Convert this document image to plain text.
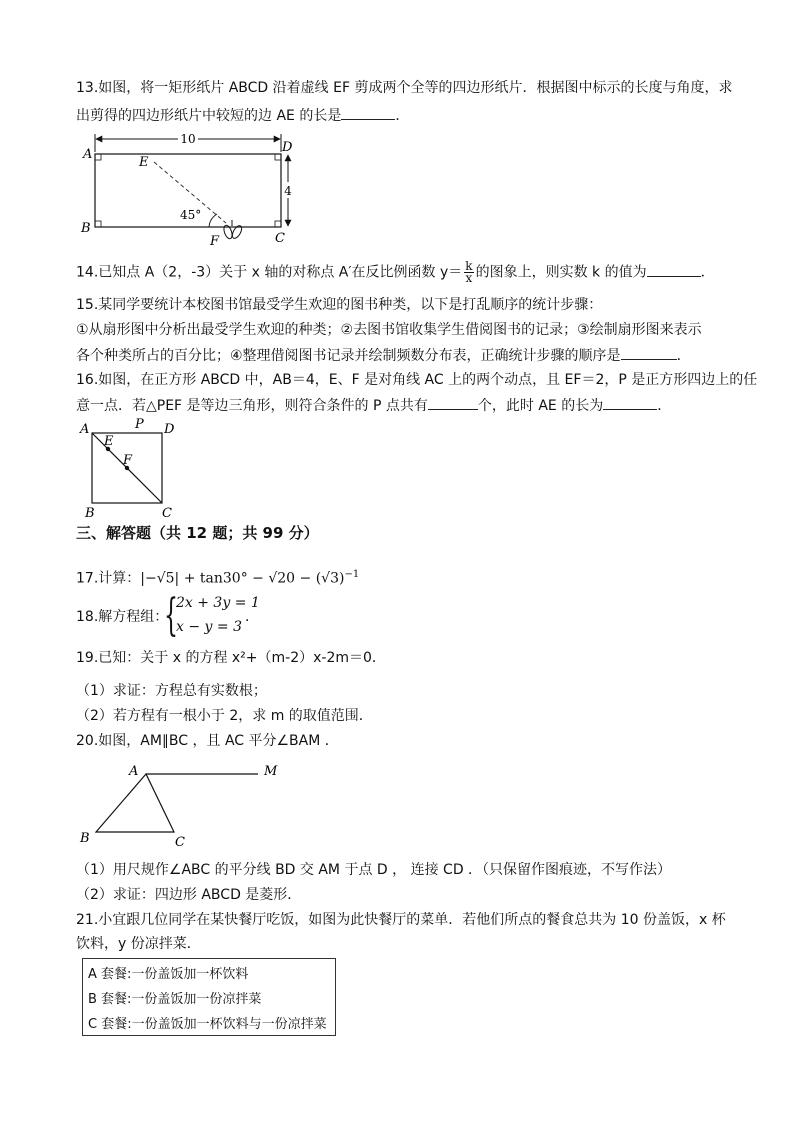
13.如图，将一矩形纸片 ABCD 沿着虚线 EF 剪成两个全等的四边形纸片．根据图中标示的长度与角度，求
出剪得的四边形纸片中较短的边 AE 的长是	．
10
4
45°
A	D
B
C
E
F
14.已知点 A（2，-3）关于 x 轴的对称点 A′在反比例函数 $y= \frac{k}{x}$ 的图象上，则实数 k 的值为	．
15.某同学要统计本校图书馆最受学生欢迎的图书种类，以下是打乱顺序的统计步骤：
①从扇形图中分析出最受学生欢迎的种类；②去图书馆收集学生借阅图书的记录；③绘制扇形图来表示
各个种类所占的百分比；④整理借阅图书记录并绘制频数分布表，正确统计步骤的顺序是	．
16.如图，在正方形 ABCD 中，AB＝4，E、F 是对角线 AC 上的两个动点，且 EF＝2，P 是正方形四边上的任
意一点．若△PEF 是等边三角形，则符合条件的 P 点共有	个，此时 AE 的长为	．
A	P D
E
F
B	C
三、解答题（共 12 题；共 99 分）
17.计算：$|-√5| + \tan 30^\circ - √20 - (√3)^{-1}$
18.解方程组：
{
2x + 3y = 1
x − y = 3
．
19.已知：关于 x 的方程 x²+（m-2）x-2m＝0．
（1）求证：方程总有实数根；
（2）若方程有一根小于 2，求 m 的取值范围．
20.如图，AM∥BC ，且 AC 平分∠BAM ．
A	M
B	C
（1）用尺规作∠ABC 的平分线 BD 交 AM 于点 D ， 连接 CD ．（只保留作图痕迹，不写作法）
（2）求证：四边形 ABCD 是菱形．
21.小宜跟几位同学在某快餐厅吃饭，如图为此快餐厅的菜单．若他们所点的餐食总共为 10 份盖饭，x 杯
饮料，y 份凉拌菜．
A 套餐:一份盖饭加一杯饮料
B 套餐:一份盖饭加一份凉拌菜
C 套餐:一份盖饭加一杯饮料与一份凉拌菜
